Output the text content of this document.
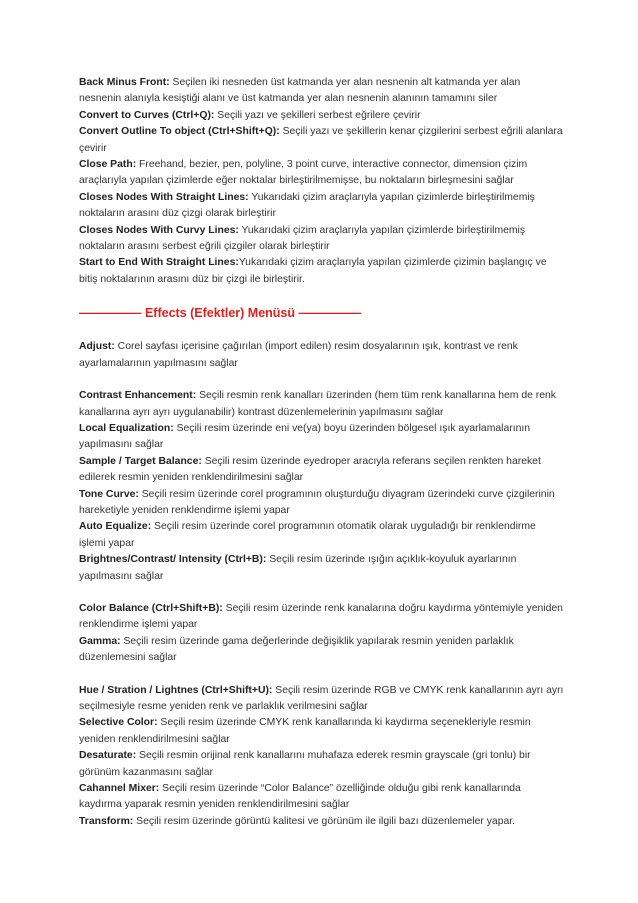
Back Minus Front: Seçilen iki nesneden üst katmanda yer alan nesnenin alt katmanda yer alan nesnenin alanıyla kesiştiği alanı ve üst katmanda yer alan nesnenin alanının tamamını siler

Convert to Curves (Ctrl+Q): Seçili yazı ve şekilleri serbest eğrilere çevirir

Convert Outline To object (Ctrl+Shift+Q): Seçili yazı ve şekillerin kenar çizgilerini serbest eğrili alanlara çevirir

Close Path: Freehand, bezier, pen, polyline, 3 point curve, interactive connector, dimension çizim araçlarıyla yapılan çizimlerde eğer noktalar birleştirilmemişse, bu noktaların birleşmesini sağlar

Closes Nodes With Straight Lines: Yukarıdaki çizim araçlarıyla yapılan çizimlerde birleştirilmemiş noktaların arasını düz çizgi olarak birleştirir

Closes Nodes With Curvy Lines: Yukarıdaki çizim araçlarıyla yapılan çizimlerde birleştirilmemiş noktaların arasını serbest eğrili çizgiler olarak birleştirir

Start to End With Straight Lines:Yukarıdaki çizim araçlarıyla yapılan çizimlerde çizimin başlangıç ve bitiş noktalarının arasını düz bir çizgi ile birleştirir.

————— Effects (Efektler) Menüsü —————

Adjust: Corel sayfası içerisine çağırılan (import edilen) resim dosyalarının ışık, kontrast ve renk ayarlamalarının yapılmasını sağlar

Contrast Enhancement: Seçili resmin renk kanalları üzerinden (hem tüm renk kanallarına hem de renk kanallarına ayrı ayrı uygulanabilir) kontrast düzenlemelerinin yapılmasını sağlar

Local Equalization: Seçili resim üzerinde eni ve(ya) boyu üzerinden bölgesel ışık ayarlamalarının yapılmasını sağlar

Sample / Target Balance: Seçili resim üzerinde eyedroper aracıyla referans seçilen renkten hareket edilerek resmin yeniden renklendirilmesini sağlar

Tone Curve: Seçili resim üzerinde corel programının oluşturduğu diyagram üzerindeki curve çizgilerinin hareketiyle yeniden renklendirme işlemi yapar

Auto Equalize: Seçili resim üzerinde corel programının otomatik olarak uyguladığı bir renklendirme işlemi yapar

Brightnes/Contrast/ Intensity (Ctrl+B): Seçili resim üzerinde ışığın açıklık-koyuluk ayarlarının yapılmasını sağlar

Color Balance (Ctrl+Shift+B): Seçili resim üzerinde renk kanalarına doğru kaydırma yöntemiyle yeniden renklendirme işlemi yapar

Gamma: Seçili resim üzerinde gama değerlerinde değişiklik yapılarak resmin yeniden parlaklık düzenlemesini sağlar

Hue / Stration / Lightnes (Ctrl+Shift+U): Seçili resim üzerinde RGB ve CMYK renk kanallarının ayrı ayrı seçilmesiyle resme yeniden renk ve parlaklık verilmesini sağlar

Selective Color: Seçili resim üzerinde CMYK renk kanallarında ki kaydırma seçenekleriyle resmin yeniden renklendirilmesini sağlar

Desaturate: Seçili resmin orijinal renk kanallarını muhafaza ederek resmin grayscale (gri tonlu) bir görünüm kazanmasını sağlar

Cahannel Mixer: Seçili resim üzerinde “Color Balance” özelliğinde olduğu gibi renk kanallarında kaydırma yaparak resmin yeniden renklendirilmesini sağlar

Transform: Seçili resim üzerinde görüntü kalitesi ve görünüm ile ilgili bazı düzenlemeler yapar.
